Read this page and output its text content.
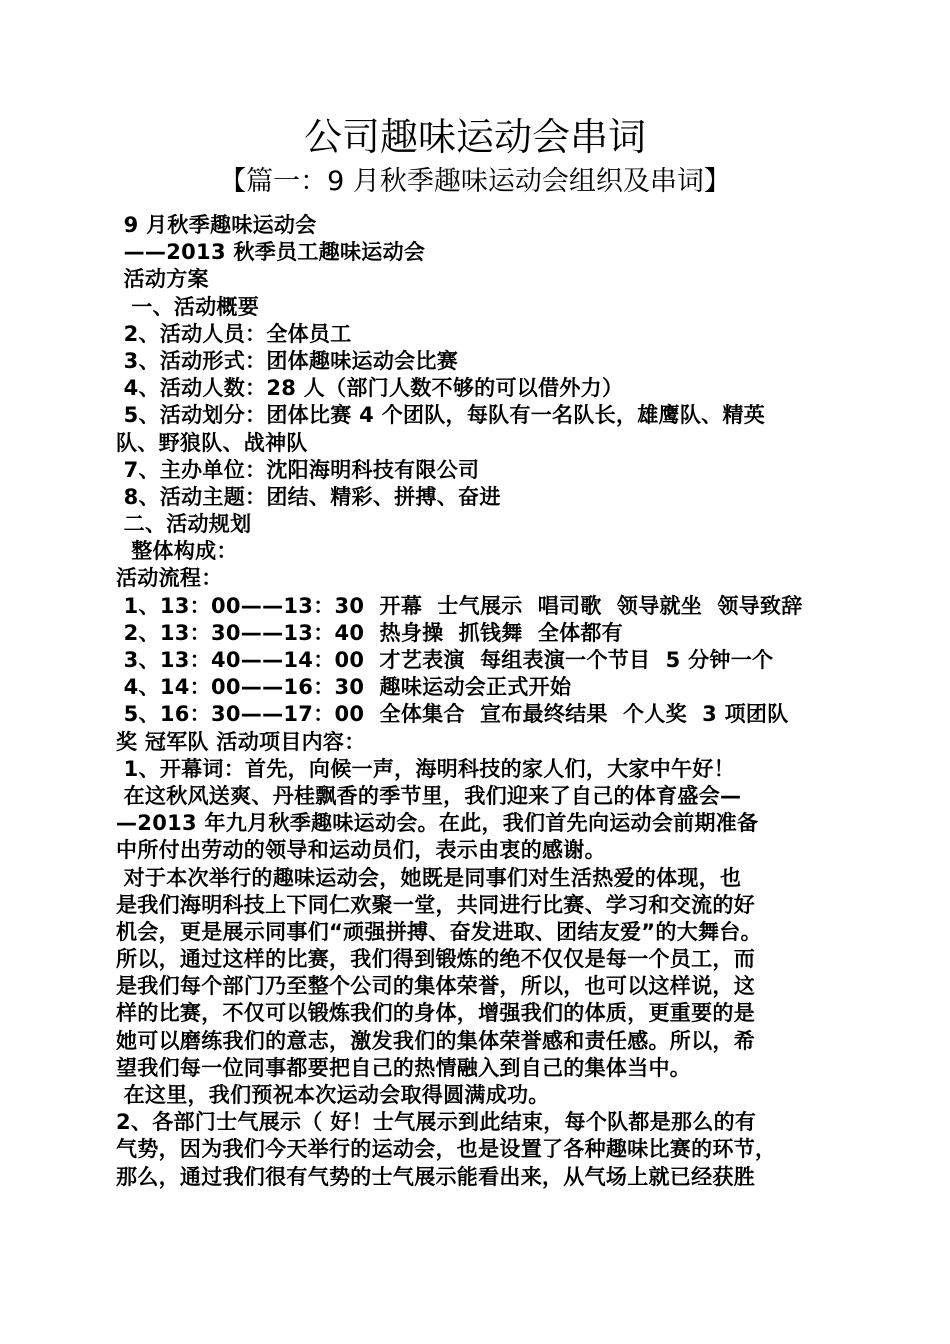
公司趣味运动会串词
【篇一：9 月秋季趣味运动会组织及串词】
9 月秋季趣味运动会
——2013 秋季员工趣味运动会
活动方案
一、活动概要
2、活动人员：全体员工
3、活动形式：团体趣味运动会比赛
4、活动人数：28 人（部门人数不够的可以借外力）
5、活动划分：团体比赛 4 个团队，每队有一名队长，雄鹰队、精英
队、野狼队、战神队
7、主办单位：沈阳海明科技有限公司
8、活动主题：团结、精彩、拼搏、奋进
二、活动规划
整体构成：
活动流程：
1、13：00——13：30  开幕  士气展示  唱司歌  领导就坐  领导致辞
2、13：30——13：40  热身操  抓钱舞  全体都有
3、13：40——14：00  才艺表演  每组表演一个节目  5 分钟一个
4、14：00——16：30  趣味运动会正式开始
5、16：30——17：00  全体集合  宣布最终结果  个人奖  3 项团队
奖 冠军队 活动项目内容：
1、开幕词：首先，向候一声，海明科技的家人们，大家中午好！
在这秋风送爽、丹桂飘香的季节里，我们迎来了自己的体育盛会—
—2013 年九月秋季趣味运动会。在此，我们首先向运动会前期准备
中所付出劳动的领导和运动员们，表示由衷的感谢。
对于本次举行的趣味运动会，她既是同事们对生活热爱的体现，也
是我们海明科技上下同仁欢聚一堂，共同进行比赛、学习和交流的好
机会，更是展示同事们“顽强拼搏、奋发进取、团结友爱”的大舞台。
所以，通过这样的比赛，我们得到锻炼的绝不仅仅是每一个员工，而
是我们每个部门乃至整个公司的集体荣誉，所以，也可以这样说，这
样的比赛，不仅可以锻炼我们的身体，增强我们的体质，更重要的是
她可以磨练我们的意志，激发我们的集体荣誉感和责任感。所以，希
望我们每一位同事都要把自己的热情融入到自己的集体当中。
在这里，我们预祝本次运动会取得圆满成功。
2、各部门士气展示（ 好！士气展示到此结束，每个队都是那么的有
气势，因为我们今天举行的运动会，也是设置了各种趣味比赛的环节，
那么，通过我们很有气势的士气展示能看出来，从气场上就已经获胜
